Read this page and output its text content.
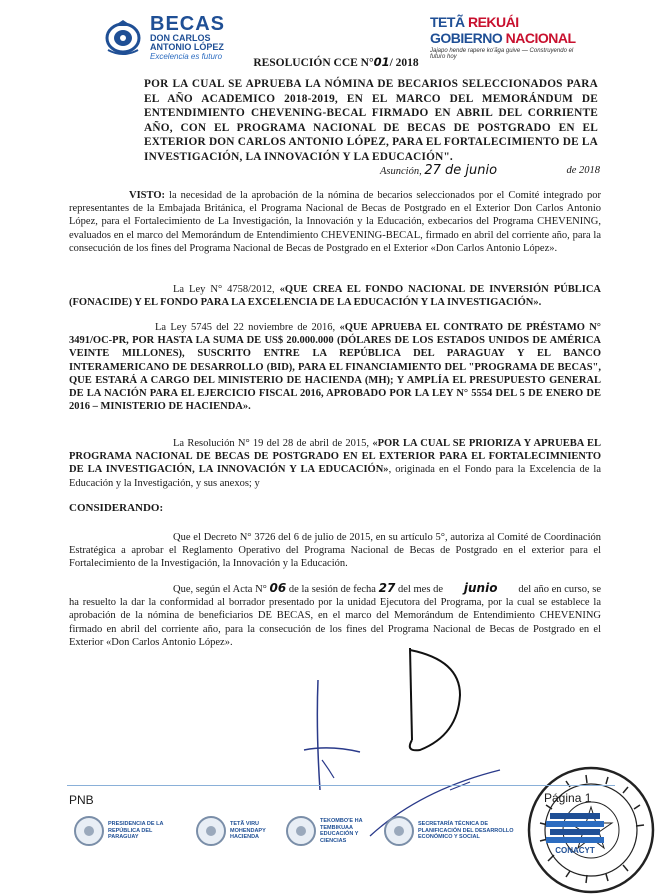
BECAS
DON CARLOS
ANTONIO LÓPEZ
Excelencia es futuro
TETÃ REKUÁI
GOBIERNO NACIONAL
Jajapo hende rapere ko'ãga guive — Construyendo el futuro hoy
RESOLUCIÓN CCE N°01/ 2018
POR LA CUAL SE APRUEBA LA NÓMINA DE BECARIOS SELECCIONADOS PARA EL AÑO ACADEMICO 2018-2019, EN EL MARCO DEL MEMORÁNDUM DE ENTENDIMIENTO CHEVENING-BECAL FIRMADO EN ABRIL DEL CORRIENTE AÑO, CON EL PROGRAMA NACIONAL DE BECAS DE POSTGRADO EN EL EXTERIOR DON CARLOS ANTONIO LÓPEZ, PARA EL FORTALECIMIENTO DE LA INVESTIGACIÓN, LA INNOVACIÓN Y LA EDUCACIÓN".
Asunción, 27 de junio	de 2018

VISTO: la necesidad de la aprobación de la nómina de becarios seleccionados por el Comité integrado por representantes de la Embajada Británica, el Programa Nacional de Becas de Postgrado en el Exterior Don Carlos Antonio López, para el Fortalecimiento de La Investigación, la Innovación y la Educación, exbecarios del Programa CHEVENING, evaluados en el marco del Memorándum de Entendimiento CHEVENING-BECAL, firmado en abril del corriente año, para la consecución de los fines del Programa Nacional de Becas de Postgrado en el Exterior «Don Carlos Antonio López».

La Ley N° 4758/2012, «QUE CREA EL FONDO NACIONAL DE INVERSIÓN PÚBLICA (FONACIDE) Y EL FONDO PARA LA EXCELENCIA DE LA EDUCACIÓN Y LA INVESTIGACIÓN».

La Ley 5745 del 22 noviembre de 2016, «QUE APRUEBA EL CONTRATO DE PRÉSTAMO N° 3491/OC-PR, POR HASTA LA SUMA DE US$ 20.000.000 (DÓLARES DE LOS ESTADOS UNIDOS DE AMÉRICA VEINTE MILLONES), SUSCRITO ENTRE LA REPÚBLICA DEL PARAGUAY Y EL BANCO INTERAMERICANO DE DESARROLLO (BID), PARA EL FINANCIAMIENTO DEL "PROGRAMA DE BECAS", QUE ESTARÁ A CARGO DEL MINISTERIO DE HACIENDA (MH); Y AMPLÍA EL PRESUPUESTO GENERAL DE LA NACIÓN PARA EL EJERCICIO FISCAL 2016, APROBADO POR LA LEY N° 5554 DEL 5 DE ENERO DE 2016 – MINISTERIO DE HACIENDA».

La Resolución N° 19 del 28 de abril de 2015, «POR LA CUAL SE PRIORIZA Y APRUEBA EL PROGRAMA NACIONAL DE BECAS DE POSTGRADO EN EL EXTERIOR PARA EL FORTALECIMNIENTO DE LA INVESTIGACIÓN, LA INNOVACIÓN Y LA EDUCACIÓN», originada en el Fondo para la Excelencia de la Educación y la Investigación, y sus anexos; y

CONSIDERANDO:

Que el Decreto N° 3726 del 6 de julio de 2015, en su artículo 5°, autoriza al Comité de Coordinación Estratégica a aprobar el Reglamento Operativo del Programa Nacional de Becas de Postgrado en el exterior para el Fortalecimiento de la Investigación, la Innovación y la Educación.

Que, según el Acta N° 06 de la sesión de fecha 27 del mes de junio del año en curso, se ha resuelto la dar la conformidad al borrador presentado por la unidad Ejecutora del Programa, por la cual se establece la aprobación de la nómina de beneficiarios DE BECAS, en el marco del Memorándum de Entendimiento CHEVENING firmado en abril del corriente año, para la consecución de los fines del Programa Nacional de Becas de Postgrado en el Exterior «Don Carlos Antonio López».

PNB	Página 1
PRESIDENCIA DE LA REPÚBLICA DEL PARAGUAY
TETÃ VIRU MOHENDAPY HACIENDA
TEKOMBO'E HA TEMBIKUAA EDUCACIÓN Y CIENCIAS
SECRETARÍA TÉCNICA DE PLANIFICACIÓN DEL DESARROLLO ECONÓMICO Y SOCIAL
CONACYT
